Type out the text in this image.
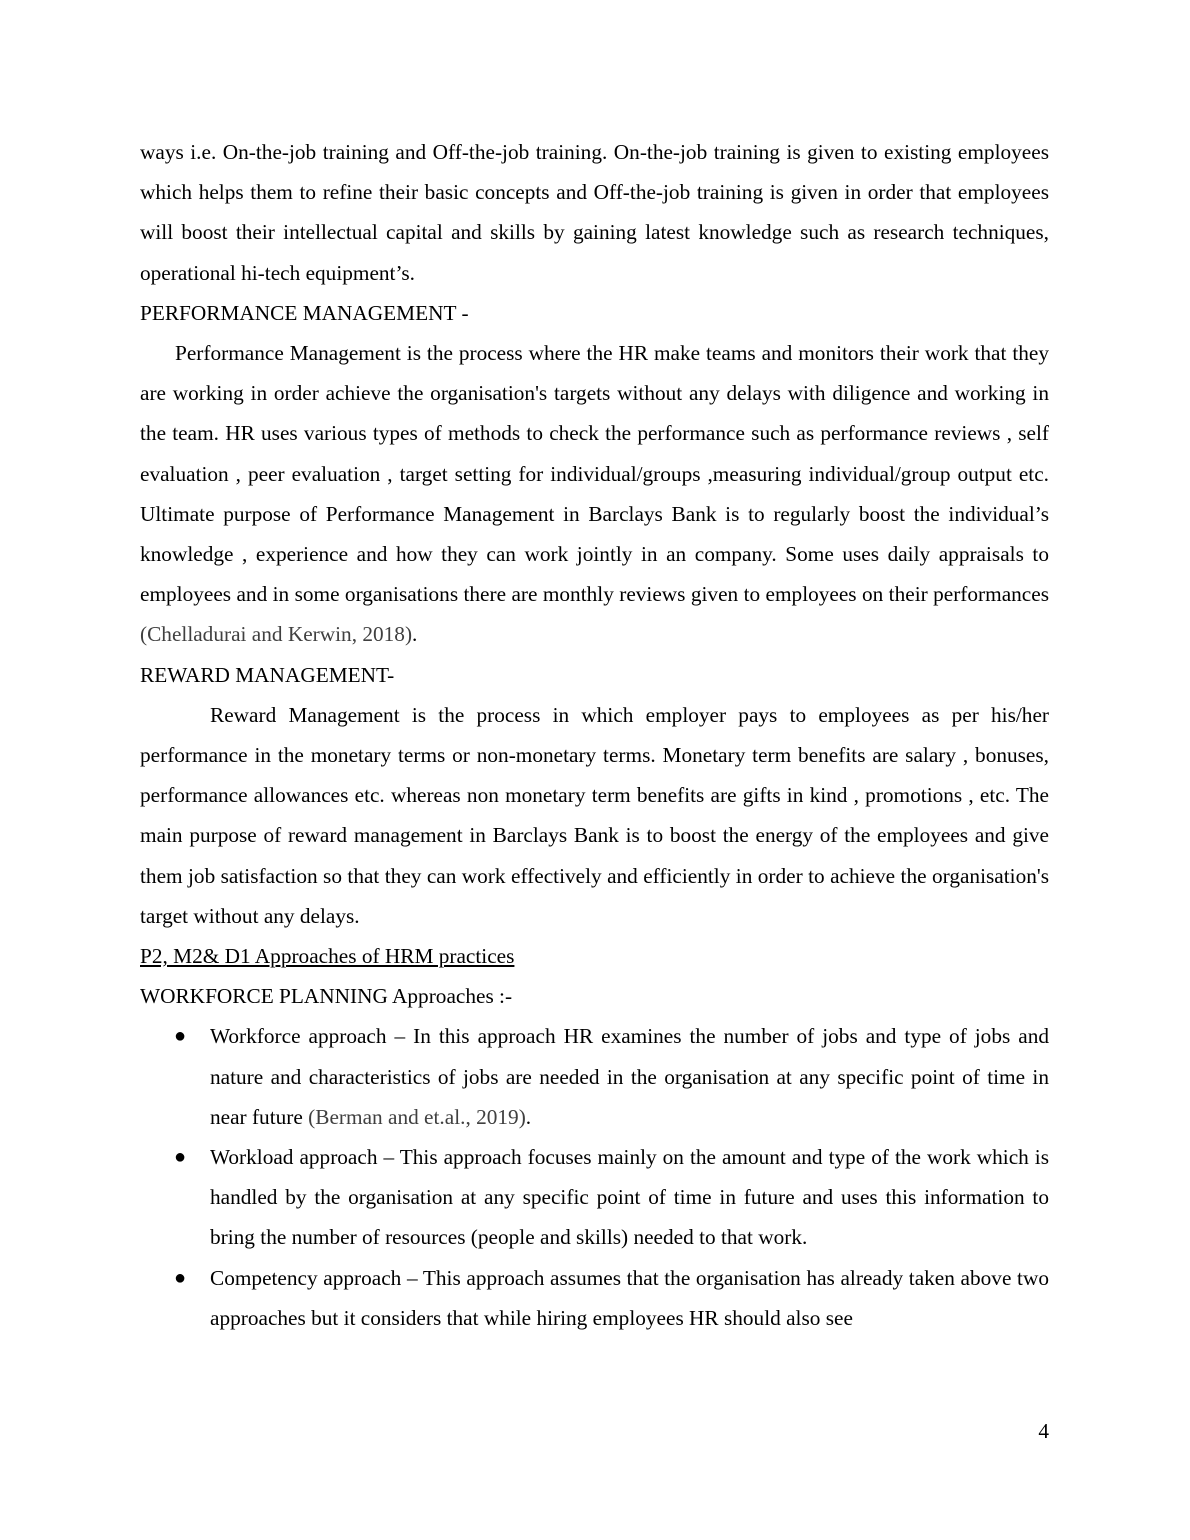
ways i.e. On-the-job training and Off-the-job training. On-the-job training is given to existing employees which helps them to refine their basic concepts and Off-the-job training is given in order that employees will boost their intellectual capital and skills by gaining latest knowledge such as research techniques, operational hi-tech equipment’s.

PERFORMANCE MANAGEMENT -

Performance Management is the process where the HR make teams and monitors their work that they are working in order achieve the organisation's targets without any delays with diligence and working in the team. HR uses various types of methods to check the performance such as performance reviews , self evaluation , peer evaluation , target setting for individual/groups ,measuring individual/group output etc. Ultimate purpose of Performance Management in Barclays Bank is to regularly boost the individual’s knowledge , experience and how they can work jointly in an company. Some uses daily appraisals to employees and in some organisations there are monthly reviews given to employees on their performances (Chelladurai and Kerwin, 2018).

REWARD MANAGEMENT-

Reward Management is the process in which employer pays to employees as per his/her performance in the monetary terms or non-monetary terms. Monetary term benefits are salary , bonuses, performance allowances etc. whereas non monetary term benefits are gifts in kind , promotions , etc. The main purpose of reward management in Barclays Bank is to boost the energy of the employees and give them job satisfaction so that they can work effectively and efficiently in order to achieve the organisation's target without any delays.

P2, M2& D1 Approaches of HRM practices

WORKFORCE PLANNING Approaches :-

● Workforce approach – In this approach HR examines the number of jobs and type of jobs and nature and characteristics of jobs are needed in the organisation at any specific point of time in near future (Berman and et.al., 2019).
● Workload approach – This approach focuses mainly on the amount and type of the work which is handled by the organisation at any specific point of time in future and uses this information to bring the number of resources (people and skills) needed to that work.
● Competency approach – This approach assumes that the organisation has already taken above two approaches but it considers that while hiring employees HR should also see
4
